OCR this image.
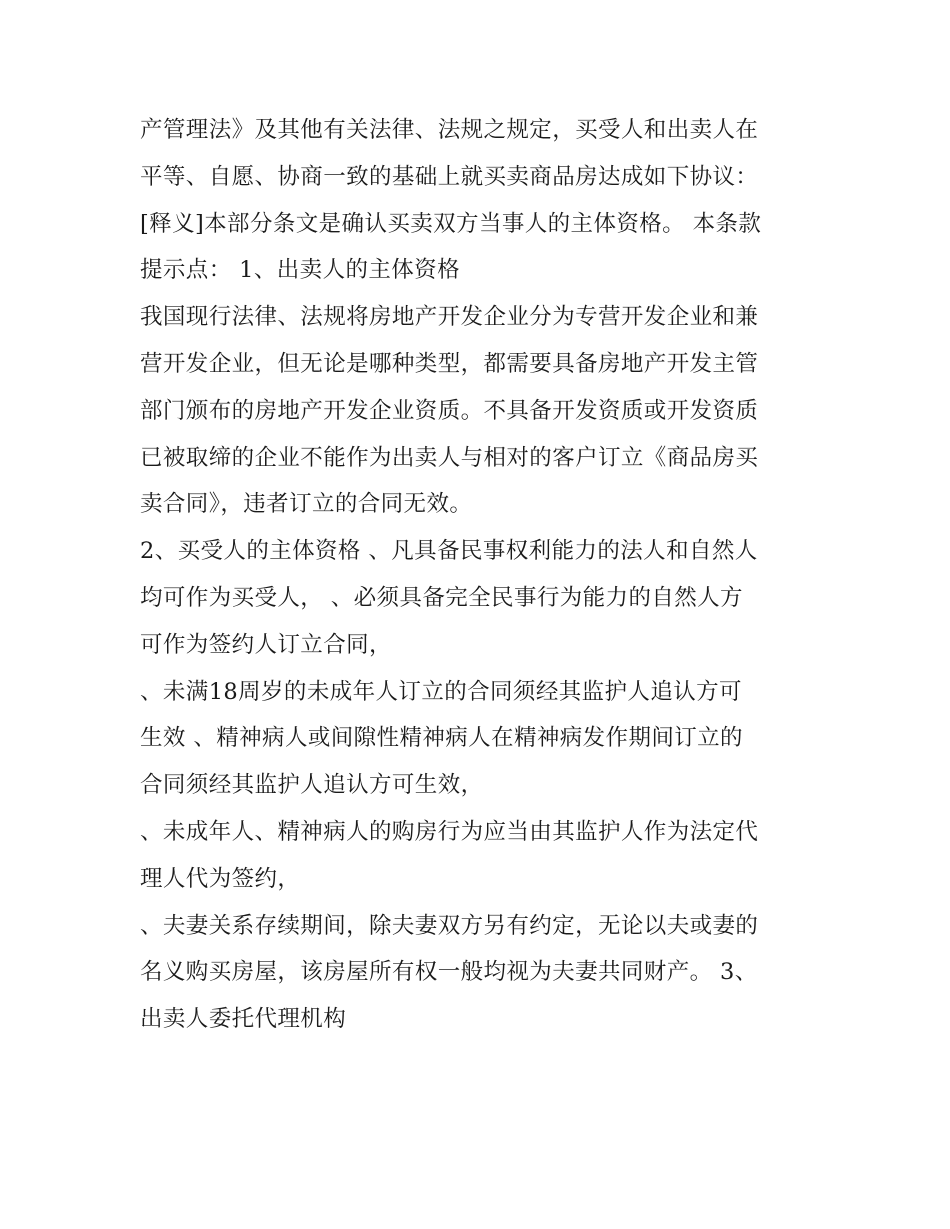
产管理法》及其他有关法律、法规之规定，买受人和出卖人在
平等、自愿、协商一致的基础上就买卖商品房达成如下协议：
[释义]本部分条文是确认买卖双方当事人的主体资格。 本条款
提示点： 1、出卖人的主体资格
我国现行法律、法规将房地产开发企业分为专营开发企业和兼
营开发企业，但无论是哪种类型，都需要具备房地产开发主管
部门颁布的房地产开发企业资质。不具备开发资质或开发资质
已被取缔的企业不能作为出卖人与相对的客户订立《商品房买
卖合同》，违者订立的合同无效。
2、买受人的主体资格 、凡具备民事权利能力的法人和自然人
均可作为买受人， 、必须具备完全民事行为能力的自然人方
可作为签约人订立合同，
、未满18周岁的未成年人订立的合同须经其监护人追认方可
生效 、精神病人或间隙性精神病人在精神病发作期间订立的
合同须经其监护人追认方可生效，
、未成年人、精神病人的购房行为应当由其监护人作为法定代
理人代为签约，
、夫妻关系存续期间，除夫妻双方另有约定，无论以夫或妻的
名义购买房屋，该房屋所有权一般均视为夫妻共同财产。 3、
出卖人委托代理机构
